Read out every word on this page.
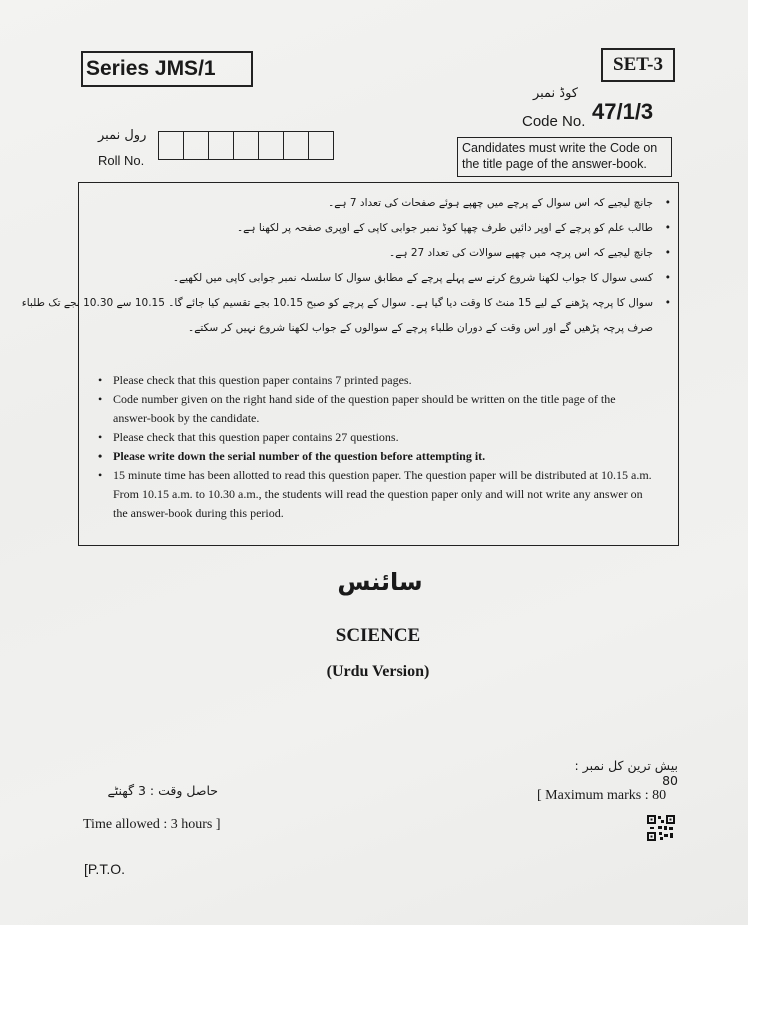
Series JMS/1	SET-3
کوڈ نمبر
Code No. 47/1/3
Candidates must write the Code on the title page of the answer-book.
رول نمبر
Roll No.
•
جانچ لیجیے کہ اس سوال کے پرچے میں چھپے ہوئے صفحات کی تعداد 7 ہے۔
•
طالب علم کو پرچے کے اوپر دائیں طرف چھپا کوڈ نمبر جوابی کاپی کے اوپری صفحہ پر لکھنا ہے۔
•
جانچ لیجیے کہ اس پرچہ میں چھپے سوالات کی تعداد 27 ہے۔
•
کسی سوال کا جواب لکھنا شروع کرنے سے پہلے پرچے کے مطابق سوال کا سلسلہ نمبر جوابی کاپی میں لکھیے۔
•
سوال کا پرچہ پڑھنے کے لیے 15 منٹ کا وقت دیا گیا ہے۔ سوال کے پرچے کو صبح 10.15 بجے تقسیم کیا جائے گا۔ 10.15 سے 10.30 بجے تک طلباء
صرف پرچہ پڑھیں گے اور اس وقت کے دوران طلباء پرچے کے سوالوں کے جواب لکھنا شروع نہیں کر سکتے۔
• Please check that this question paper contains 7 printed pages.
• Code number given on the right hand side of the question paper should be written on the title page of the answer-book by the candidate.
• Please check that this question paper contains 27 questions.
• Please write down the serial number of the question before attempting it.
• 15 minute time has been allotted to read this question paper. The question paper will be distributed at 10.15 a.m. From 10.15 a.m. to 10.30 a.m., the students will read the question paper only and will not write any answer on the answer-book during this period.
سائنس
SCIENCE
(Urdu Version)
بیش ترین کل نمبر : 80
[ Maximum marks : 80
حاصل وقت : 3 گھنٹے
Time allowed : 3 hours ]
[P.T.O.
